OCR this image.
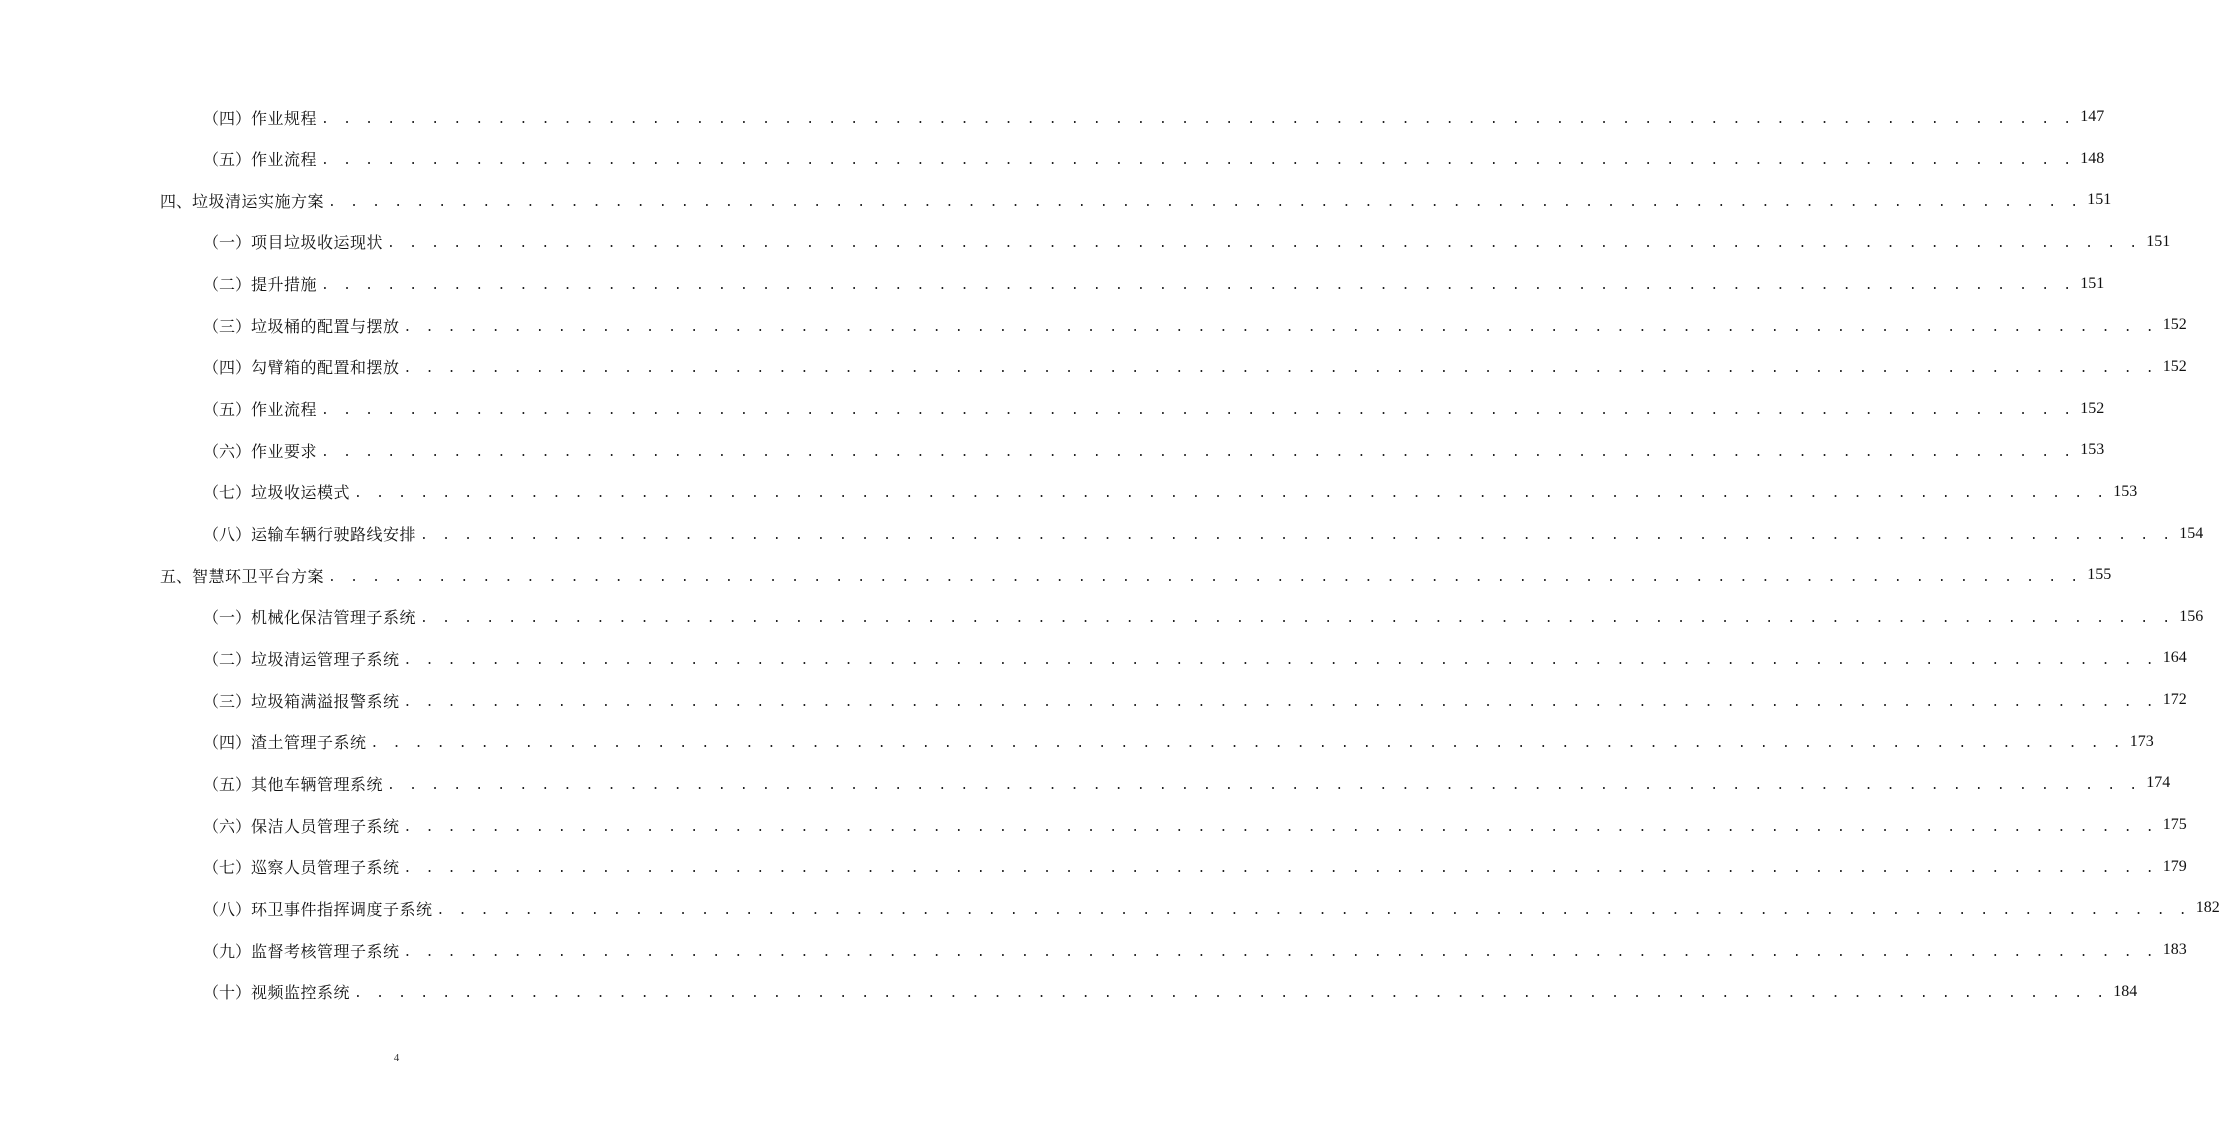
（四） 作业规程 . . . . . . . . . . . . . . . . . . . . . . . . . . . . . . . . . . . . . . . . . . . . . . . . . . . . . . . . . . . . . . . . . . . . . . . . . . . . . . . . 147
（五） 作业流程 . . . . . . . . . . . . . . . . . . . . . . . . . . . . . . . . . . . . . . . . . . . . . . . . . . . . . . . . . . . . . . . . . . . . . . . . . . . . . . . . 148
四、 垃圾清运实施方案 . . . . . . . . . . . . . . . . . . . . . . . . . . . . . . . . . . . . . . . . . . . . . . . . . . . . . . . . . . . . . . . . . . . . . . . . . . . . . . . . 151
（一） 项目垃圾收运现状 . . . . . . . . . . . . . . . . . . . . . . . . . . . . . . . . . . . . . . . . . . . . . . . . . . . . . . . . . . . . . . . . . . . . . . . . . . . . . . . . 151
（二） 提升措施 . . . . . . . . . . . . . . . . . . . . . . . . . . . . . . . . . . . . . . . . . . . . . . . . . . . . . . . . . . . . . . . . . . . . . . . . . . . . . . . . 151
（三） 垃圾桶的配置与摆放 . . . . . . . . . . . . . . . . . . . . . . . . . . . . . . . . . . . . . . . . . . . . . . . . . . . . . . . . . . . . . . . . . . . . . . . . . . . . . . . . 152
（四） 勾臂箱的配置和摆放 . . . . . . . . . . . . . . . . . . . . . . . . . . . . . . . . . . . . . . . . . . . . . . . . . . . . . . . . . . . . . . . . . . . . . . . . . . . . . . . . 152
（五） 作业流程 . . . . . . . . . . . . . . . . . . . . . . . . . . . . . . . . . . . . . . . . . . . . . . . . . . . . . . . . . . . . . . . . . . . . . . . . . . . . . . . . 152
（六） 作业要求 . . . . . . . . . . . . . . . . . . . . . . . . . . . . . . . . . . . . . . . . . . . . . . . . . . . . . . . . . . . . . . . . . . . . . . . . . . . . . . . . 153
（七） 垃圾收运模式 . . . . . . . . . . . . . . . . . . . . . . . . . . . . . . . . . . . . . . . . . . . . . . . . . . . . . . . . . . . . . . . . . . . . . . . . . . . . . . . . 153
（八） 运输车辆行驶路线安排 . . . . . . . . . . . . . . . . . . . . . . . . . . . . . . . . . . . . . . . . . . . . . . . . . . . . . . . . . . . . . . . . . . . . . . . . . . . . . . . . 154
五、 智慧环卫平台方案 . . . . . . . . . . . . . . . . . . . . . . . . . . . . . . . . . . . . . . . . . . . . . . . . . . . . . . . . . . . . . . . . . . . . . . . . . . . . . . . . 155
（一） 机械化保洁管理子系统 . . . . . . . . . . . . . . . . . . . . . . . . . . . . . . . . . . . . . . . . . . . . . . . . . . . . . . . . . . . . . . . . . . . . . . . . . . . . . . . . 156
（二） 垃圾清运管理子系统 . . . . . . . . . . . . . . . . . . . . . . . . . . . . . . . . . . . . . . . . . . . . . . . . . . . . . . . . . . . . . . . . . . . . . . . . . . . . . . . . 164
（三） 垃圾箱满溢报警系统 . . . . . . . . . . . . . . . . . . . . . . . . . . . . . . . . . . . . . . . . . . . . . . . . . . . . . . . . . . . . . . . . . . . . . . . . . . . . . . . . 172
（四） 渣土管理子系统 . . . . . . . . . . . . . . . . . . . . . . . . . . . . . . . . . . . . . . . . . . . . . . . . . . . . . . . . . . . . . . . . . . . . . . . . . . . . . . . . 173
（五） 其他车辆管理系统 . . . . . . . . . . . . . . . . . . . . . . . . . . . . . . . . . . . . . . . . . . . . . . . . . . . . . . . . . . . . . . . . . . . . . . . . . . . . . . . . 174
（六） 保洁人员管理子系统 . . . . . . . . . . . . . . . . . . . . . . . . . . . . . . . . . . . . . . . . . . . . . . . . . . . . . . . . . . . . . . . . . . . . . . . . . . . . . . . . 175
（七） 巡察人员管理子系统 . . . . . . . . . . . . . . . . . . . . . . . . . . . . . . . . . . . . . . . . . . . . . . . . . . . . . . . . . . . . . . . . . . . . . . . . . . . . . . . . 179
（八） 环卫事件指挥调度子系统 . . . . . . . . . . . . . . . . . . . . . . . . . . . . . . . . . . . . . . . . . . . . . . . . . . . . . . . . . . . . . . . . . . . . . . . . . . . . . . . . 182
（九） 监督考核管理子系统 . . . . . . . . . . . . . . . . . . . . . . . . . . . . . . . . . . . . . . . . . . . . . . . . . . . . . . . . . . . . . . . . . . . . . . . . . . . . . . . . 183
（十） 视频监控系统 . . . . . . . . . . . . . . . . . . . . . . . . . . . . . . . . . . . . . . . . . . . . . . . . . . . . . . . . . . . . . . . . . . . . . . . . . . . . . . . . 184
4
